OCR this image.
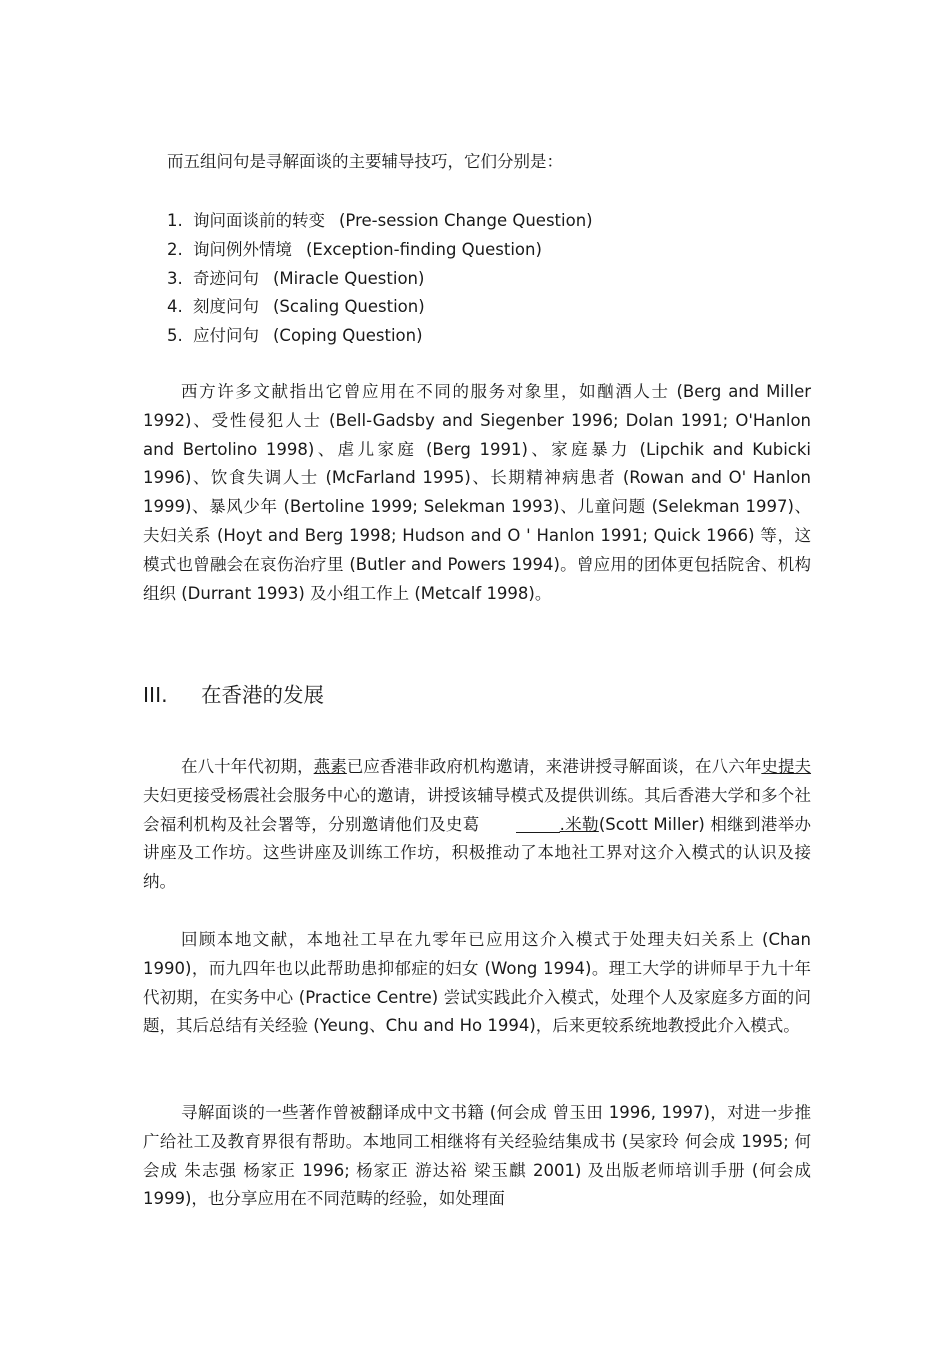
而五组问句是寻解面谈的主要辅导技巧，它们分别是：
1. 询问面谈前的转变 (Pre-session Change Question)
2. 询问例外情境 (Exception-finding Question)
3. 奇迹问句 (Miracle Question)
4. 刻度问句 (Scaling Question)
5. 应付问句 (Coping Question)

西方许多文献指出它曾应用在不同的服务对象里，如酗酒人士 (Berg and Miller 1992)、受性侵犯人士 (Bell-Gadsby and Siegenber 1996; Dolan 1991; O'Hanlon and Bertolino 1998)、虐儿家庭 (Berg 1991)、家庭暴力 (Lipchik and Kubicki 1996)、饮食失调人士 (McFarland 1995)、长期精神病患者 (Rowan and O' Hanlon 1999)、暴风少年 (Bertoline 1999; Selekman 1993)、儿童问题 (Selekman 1997)、夫妇关系 (Hoyt and Berg 1998; Hudson and O ' Hanlon 1991; Quick 1966) 等，这模式也曾融会在哀伤治疗里 (Butler and Powers 1994)。曾应用的团体更包括院舍、机构组织 (Durrant 1993) 及小组工作上 (Metcalf 1998)。

III. 在香港的发展

在八十年代初期，燕素已应香港非政府机构邀请，来港讲授寻解面谈，在八六年史提夫夫妇更接受杨震社会服务中心的邀请，讲授该辅导模式及提供训练。其后香港大学和多个社会福利机构及社会署等，分别邀请他们及史葛	.米勒(Scott Miller) 相继到港举办讲座及工作坊。这些讲座及训练工作坊，积极推动了本地社工界对这介入模式的认识及接纳。

回顾本地文献，本地社工早在九零年已应用这介入模式于处理夫妇关系上 (Chan 1990)，而九四年也以此帮助患抑郁症的妇女 (Wong 1994)。理工大学的讲师早于九十年代初期，在实务中心 (Practice Centre) 尝试实践此介入模式，处理个人及家庭多方面的问题，其后总结有关经验 (Yeung、Chu and Ho 1994)，后来更较系统地教授此介入模式。

寻解面谈的一些著作曾被翻译成中文书籍 (何会成 曾玉田 1996, 1997)，对进一步推广给社工及教育界很有帮助。本地同工相继将有关经验结集成书 (吴家玲 何会成 1995; 何会成 朱志强 杨家正 1996; 杨家正 游达裕 梁玉麒 2001) 及出版老师培训手册 (何会成 1999)，也分享应用在不同范畴的经验，如处理面
